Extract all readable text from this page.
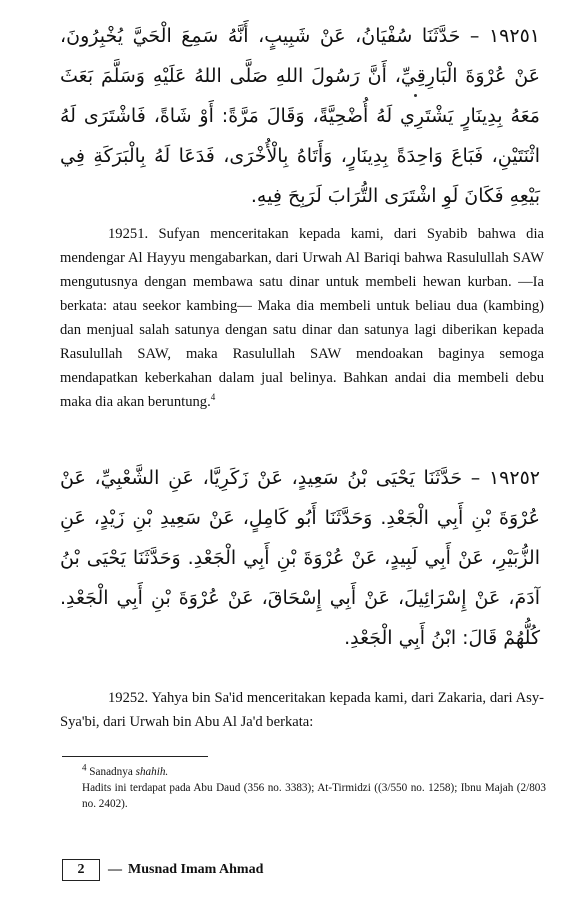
١٩٢٥١ – حَدَّثَنَا سُفْيَانُ، عَنْ شَبِيبٍ، أَنَّهُ سَمِعَ الْحَيَّ يُخْبِرُونَ، عَنْ عُرْوَةَ الْبَارِقِيِّ، أَنَّ رَسُولَ اللهِ صَلَّى اللهُ عَلَيْهِ وَسَلَّمَ بَعَثَ مَعَهُ بِدِينَارٍ يَشْتَرِي لَهُ أُضْحِيَّةً، وَقَالَ مَرَّةً: أَوْ شَاةً، فَاشْتَرَى لَهُ اثْنَتَيْنِ، فَبَاعَ وَاحِدَةً بِدِينَارٍ، وَأَتَاهُ بِالْأُخْرَى، فَدَعَا لَهُ بِالْبَرَكَةِ فِي بَيْعِهِ فَكَانَ لَوِ اشْتَرَى التُّرَابَ لَرَبِحَ فِيهِ.

19251. Sufyan menceritakan kepada kami, dari Syabib bahwa dia mendengar Al Hayyu mengabarkan, dari Urwah Al Bariqi bahwa Rasulullah SAW mengutusnya dengan membawa satu dinar untuk membeli hewan kurban. —Ia berkata: atau seekor kambing— Maka dia membeli untuk beliau dua (kambing) dan menjual salah satunya dengan satu dinar dan satunya lagi diberikan kepada Rasulullah SAW, maka Rasulullah SAW mendoakan baginya semoga mendapatkan keberkahan dalam jual belinya. Bahkan andai dia membeli debu maka dia akan beruntung.$^4$

١٩٢٥٢ – حَدَّثَنَا يَحْيَى بْنُ سَعِيدٍ، عَنْ زَكَرِيَّا، عَنِ الشَّعْبِيِّ، عَنْ عُرْوَةَ بْنِ أَبِي الْجَعْدِ. وَحَدَّثَنَا أَبُو كَامِلٍ، عَنْ سَعِيدِ بْنِ زَيْدٍ، عَنِ الزُّبَيْرِ، عَنْ أَبِي لَبِيدٍ، عَنْ عُرْوَةَ بْنِ أَبِي الْجَعْدِ. وَحَدَّثَنَا يَحْيَى بْنُ آدَمَ، عَنْ إِسْرَائِيلَ، عَنْ أَبِي إِسْحَاقَ، عَنْ عُرْوَةَ بْنِ أَبِي الْجَعْدِ. كُلُّهُمْ قَالَ: ابْنُ أَبِي الْجَعْدِ.

19252. Yahya bin Sa'id menceritakan kepada kami, dari Zakaria, dari Asy-Sya'bi, dari Urwah bin Abu Al Ja'd berkata:

$^4$ Sanadnya shahih.

Hadits ini terdapat pada Abu Daud (356 no. 3383); At-Tirmidzi ((3/550 no. 1258); Ibnu Majah (2/803 no. 2402).

2 — Musnad Imam Ahmad
